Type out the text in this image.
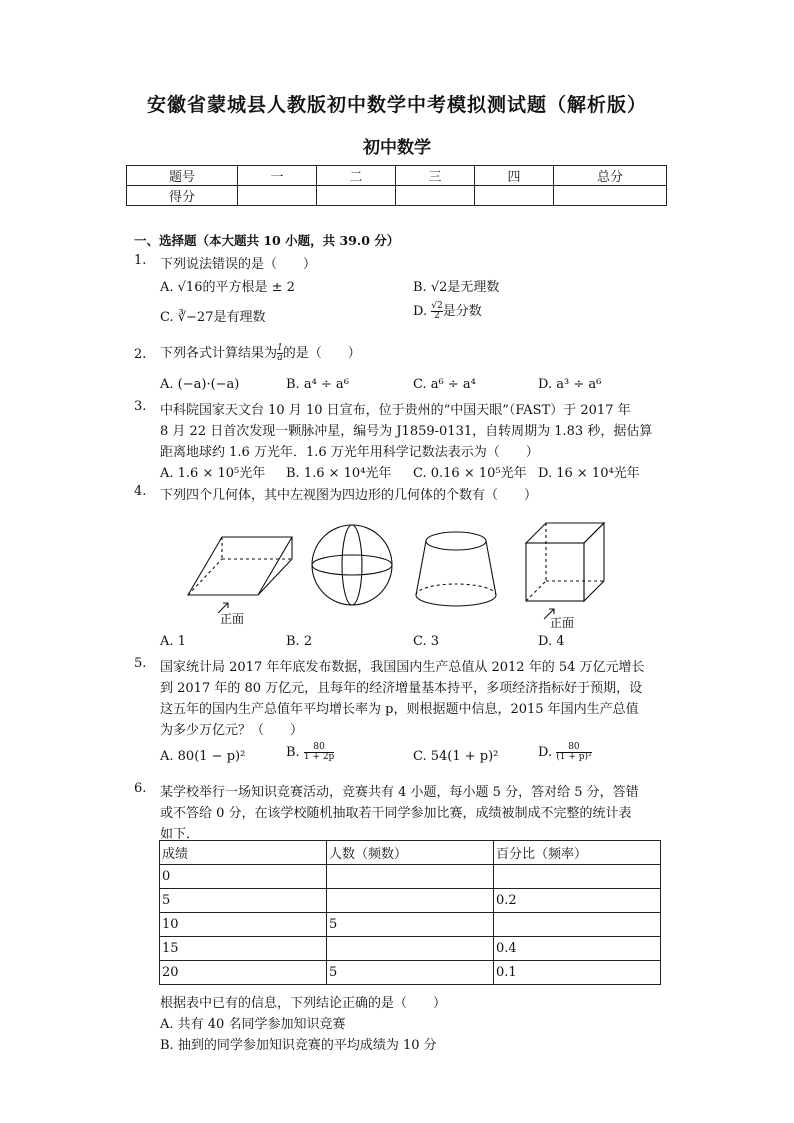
安徽省蒙城县人教版初中数学中考模拟测试题（解析版）
初中数学
题号	一	二	三	四	总分
得分					
一、选择题（本大题共 10 小题，共 39.0 分）
1. 下列说法错误的是（　　）
A. √16的平方根是 ± 2	B. √2是无理数
C. ∛−27是有理数	D. $\frac{√2}{2}$ 是分数
2. 下列各式计算结果为 $\frac{1}{a}$ 的是（　　）
A. (−a)·(−a)	B. a⁴ ÷ a⁶	C. a⁶ ÷ a⁴	D. a³ ÷ a⁶
3. 中科院国家天文台 10 月 10 日宣布，位于贵州的“中国天眼”（FAST）于 2017 年
8 月 22 日首次发现一颗脉冲星，编号为 J1859-0131，自转周期为 1.83 秒，据估算
距离地球约 1.6 万光年．1.6 万光年用科学记数法表示为（　　）
A. 1.6 × 10⁵光年 B. 1.6 × 10⁴光年 C. 0.16 × 10⁵光年 D. 16 × 10⁴光年
4. 下列四个几何体，其中左视图为四边形的几何体的个数有（　　）
正面	正面
A. 1	B. 2	C. 3	D. 4
5. 国家统计局 2017 年年底发布数据，我国国内生产总值从 2012 年的 54 万亿元增长
到 2017 年的 80 万亿元，且每年的经济增量基本持平，多项经济指标好于预期，设
这五年的国内生产总值年平均增长率为 p，则根据题中信息，2015 年国内生产总值
为多少万亿元？（　　）
A. 80(1 − p)²	B. $\frac{80}{1 + 2p}$	C. 54(1 + p)²	D. $\frac{80}{\text{(1 + p)²}}$
6. 某学校举行一场知识竞赛活动，竞赛共有 4 小题，每小题 5 分，答对给 5 分，答错
或不答给 0 分，在该学校随机抽取若干同学参加比赛，成绩被制成不完整的统计表
如下．
成绩	人数（频数）	百分比（频率）
0		
5		0.2
10	5	
15		0.4
20	5	0.1
根据表中已有的信息，下列结论正确的是（　　）
A. 共有 40 名同学参加知识竞赛
B. 抽到的同学参加知识竞赛的平均成绩为 10 分
